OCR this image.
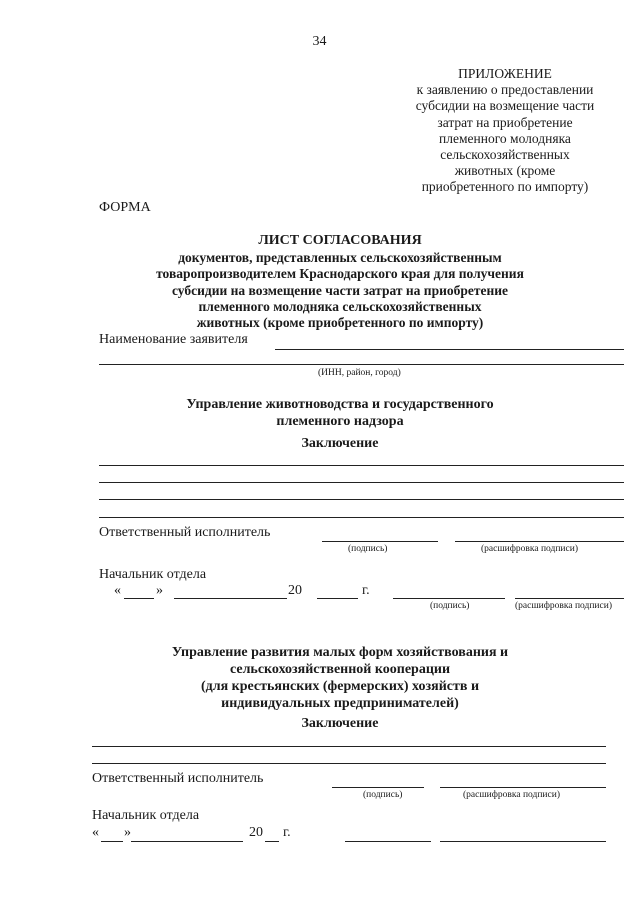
34
ПРИЛОЖЕНИЕ
к заявлению о предоставлении
субсидии на возмещение части
затрат на приобретение
племенного молодняка
сельскохозяйственных
животных (кроме
приобретенного по импорту)
ФОРМА
ЛИСТ СОГЛАСОВАНИЯ
документов, представленных сельскохозяйственным
товаропроизводителем Краснодарского края для получения
субсидии на возмещение части затрат на приобретение
племенного молодняка сельскохозяйственных
животных (кроме приобретенного по импорту)
Наименование заявителя
(ИНН, район, город)
Управление животноводства и государственного
племенного надзора
Заключение
Ответственный исполнитель
(подпись)	(расшифровка подписи)
Начальник отдела
«	»	20	г.
(подпись)	(расшифровка подписи)
Управление развития малых форм хозяйствования и
сельскохозяйственной кооперации
(для крестьянских (фермерских) хозяйств и
индивидуальных предпринимателей)
Заключение
Ответственный исполнитель
(подпись)	(расшифровка подписи)
Начальник отдела
« »	20 г.
